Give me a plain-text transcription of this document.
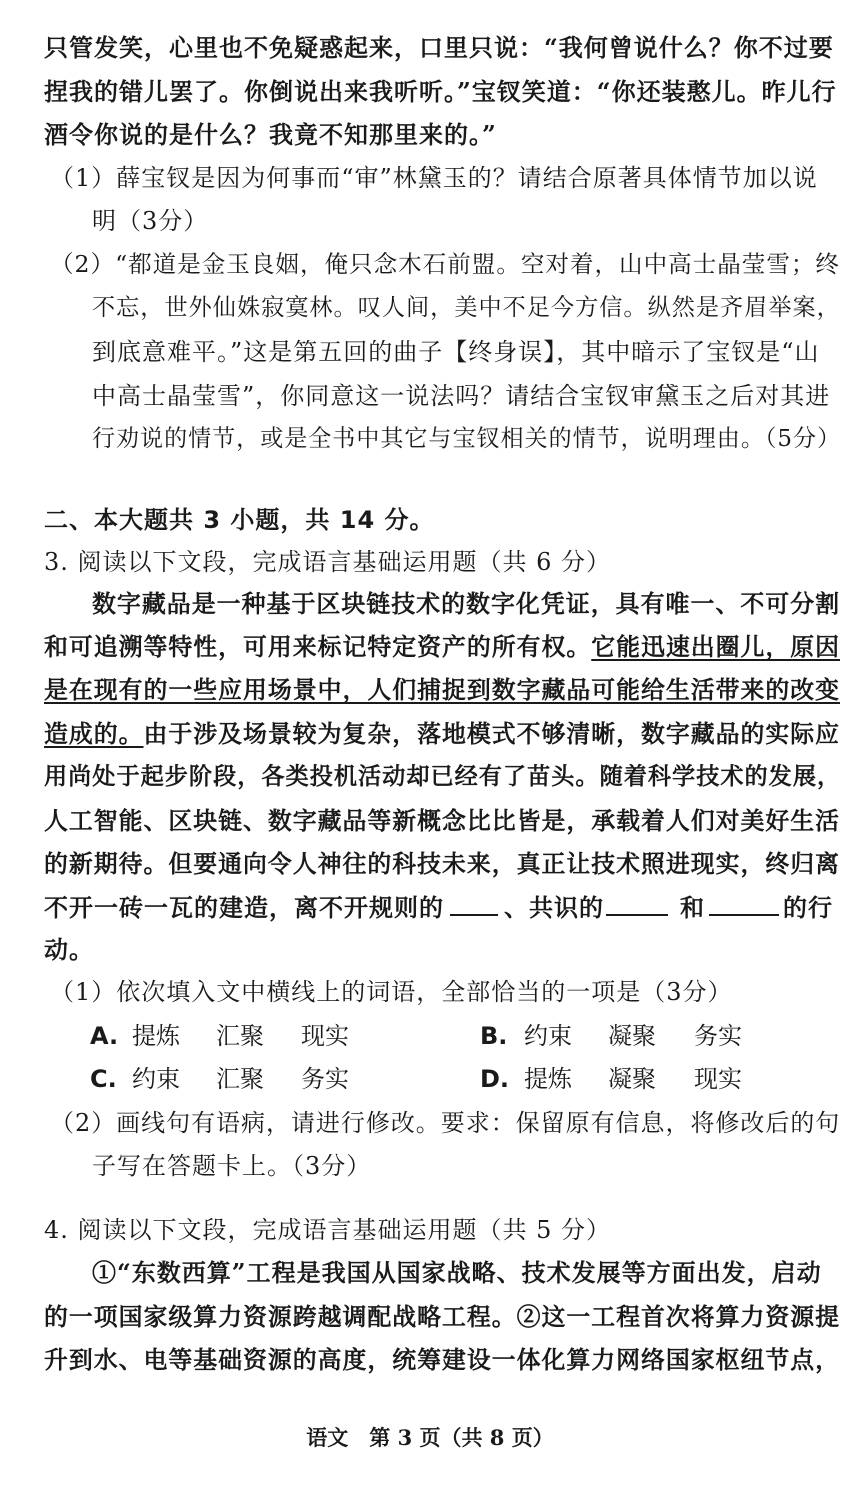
只管发笑，心里也不免疑惑起来，口里只说：“我何曾说什么？你不过要
捏我的错儿罢了。你倒说出来我听听。”宝钗笑道：“你还装憨儿。昨儿行
酒令你说的是什么？我竟不知那里来的。”
（1）薛宝钗是因为何事而“审”林黛玉的？请结合原著具体情节加以说
明（3分）
（2）“都道是金玉良姻，俺只念木石前盟。空对着，山中高士晶莹雪；终
不忘，世外仙姝寂寞林。叹人间，美中不足今方信。纵然是齐眉举案，
到底意难平。”这是第五回的曲子【终身误】，其中暗示了宝钗是“山
中高士晶莹雪”，你同意这一说法吗？请结合宝钗审黛玉之后对其进
行劝说的情节，或是全书中其它与宝钗相关的情节，说明理由。（5分）
二、本大题共 3 小题，共 14 分。
3. 阅读以下文段，完成语言基础运用题（共 6 分）
数字藏品是一种基于区块链技术的数字化凭证，具有唯一、不可分割
和可追溯等特性，可用来标记特定资产的所有权。它能迅速出圈儿，原因
是在现有的一些应用场景中，人们捕捉到数字藏品可能给生活带来的改变
造成的。由于涉及场景较为复杂，落地模式不够清晰，数字藏品的实际应
用尚处于起步阶段，各类投机活动却已经有了苗头。随着科学技术的发展，
人工智能、区块链、数字藏品等新概念比比皆是，承载着人们对美好生活
的新期待。但要通向令人神往的科技未来，真正让技术照进现实，终归离
不开一砖一瓦的建造，离不开规则的	、共识的	和	的行
动。
（1）依次填入文中横线上的词语，全部恰当的一项是（3分）
A. 提炼 汇聚 现实	B. 约束 凝聚 务实
C. 约束 汇聚 务实	D. 提炼 凝聚 现实
（2）画线句有语病，请进行修改。要求：保留原有信息，将修改后的句
子写在答题卡上。（3分）
4. 阅读以下文段，完成语言基础运用题（共 5 分）
①“东数西算”工程是我国从国家战略、技术发展等方面出发，启动
的一项国家级算力资源跨越调配战略工程。②这一工程首次将算力资源提
升到水、电等基础资源的高度，统筹建设一体化算力网络国家枢纽节点，
语文　第 3 页（共 8 页）
